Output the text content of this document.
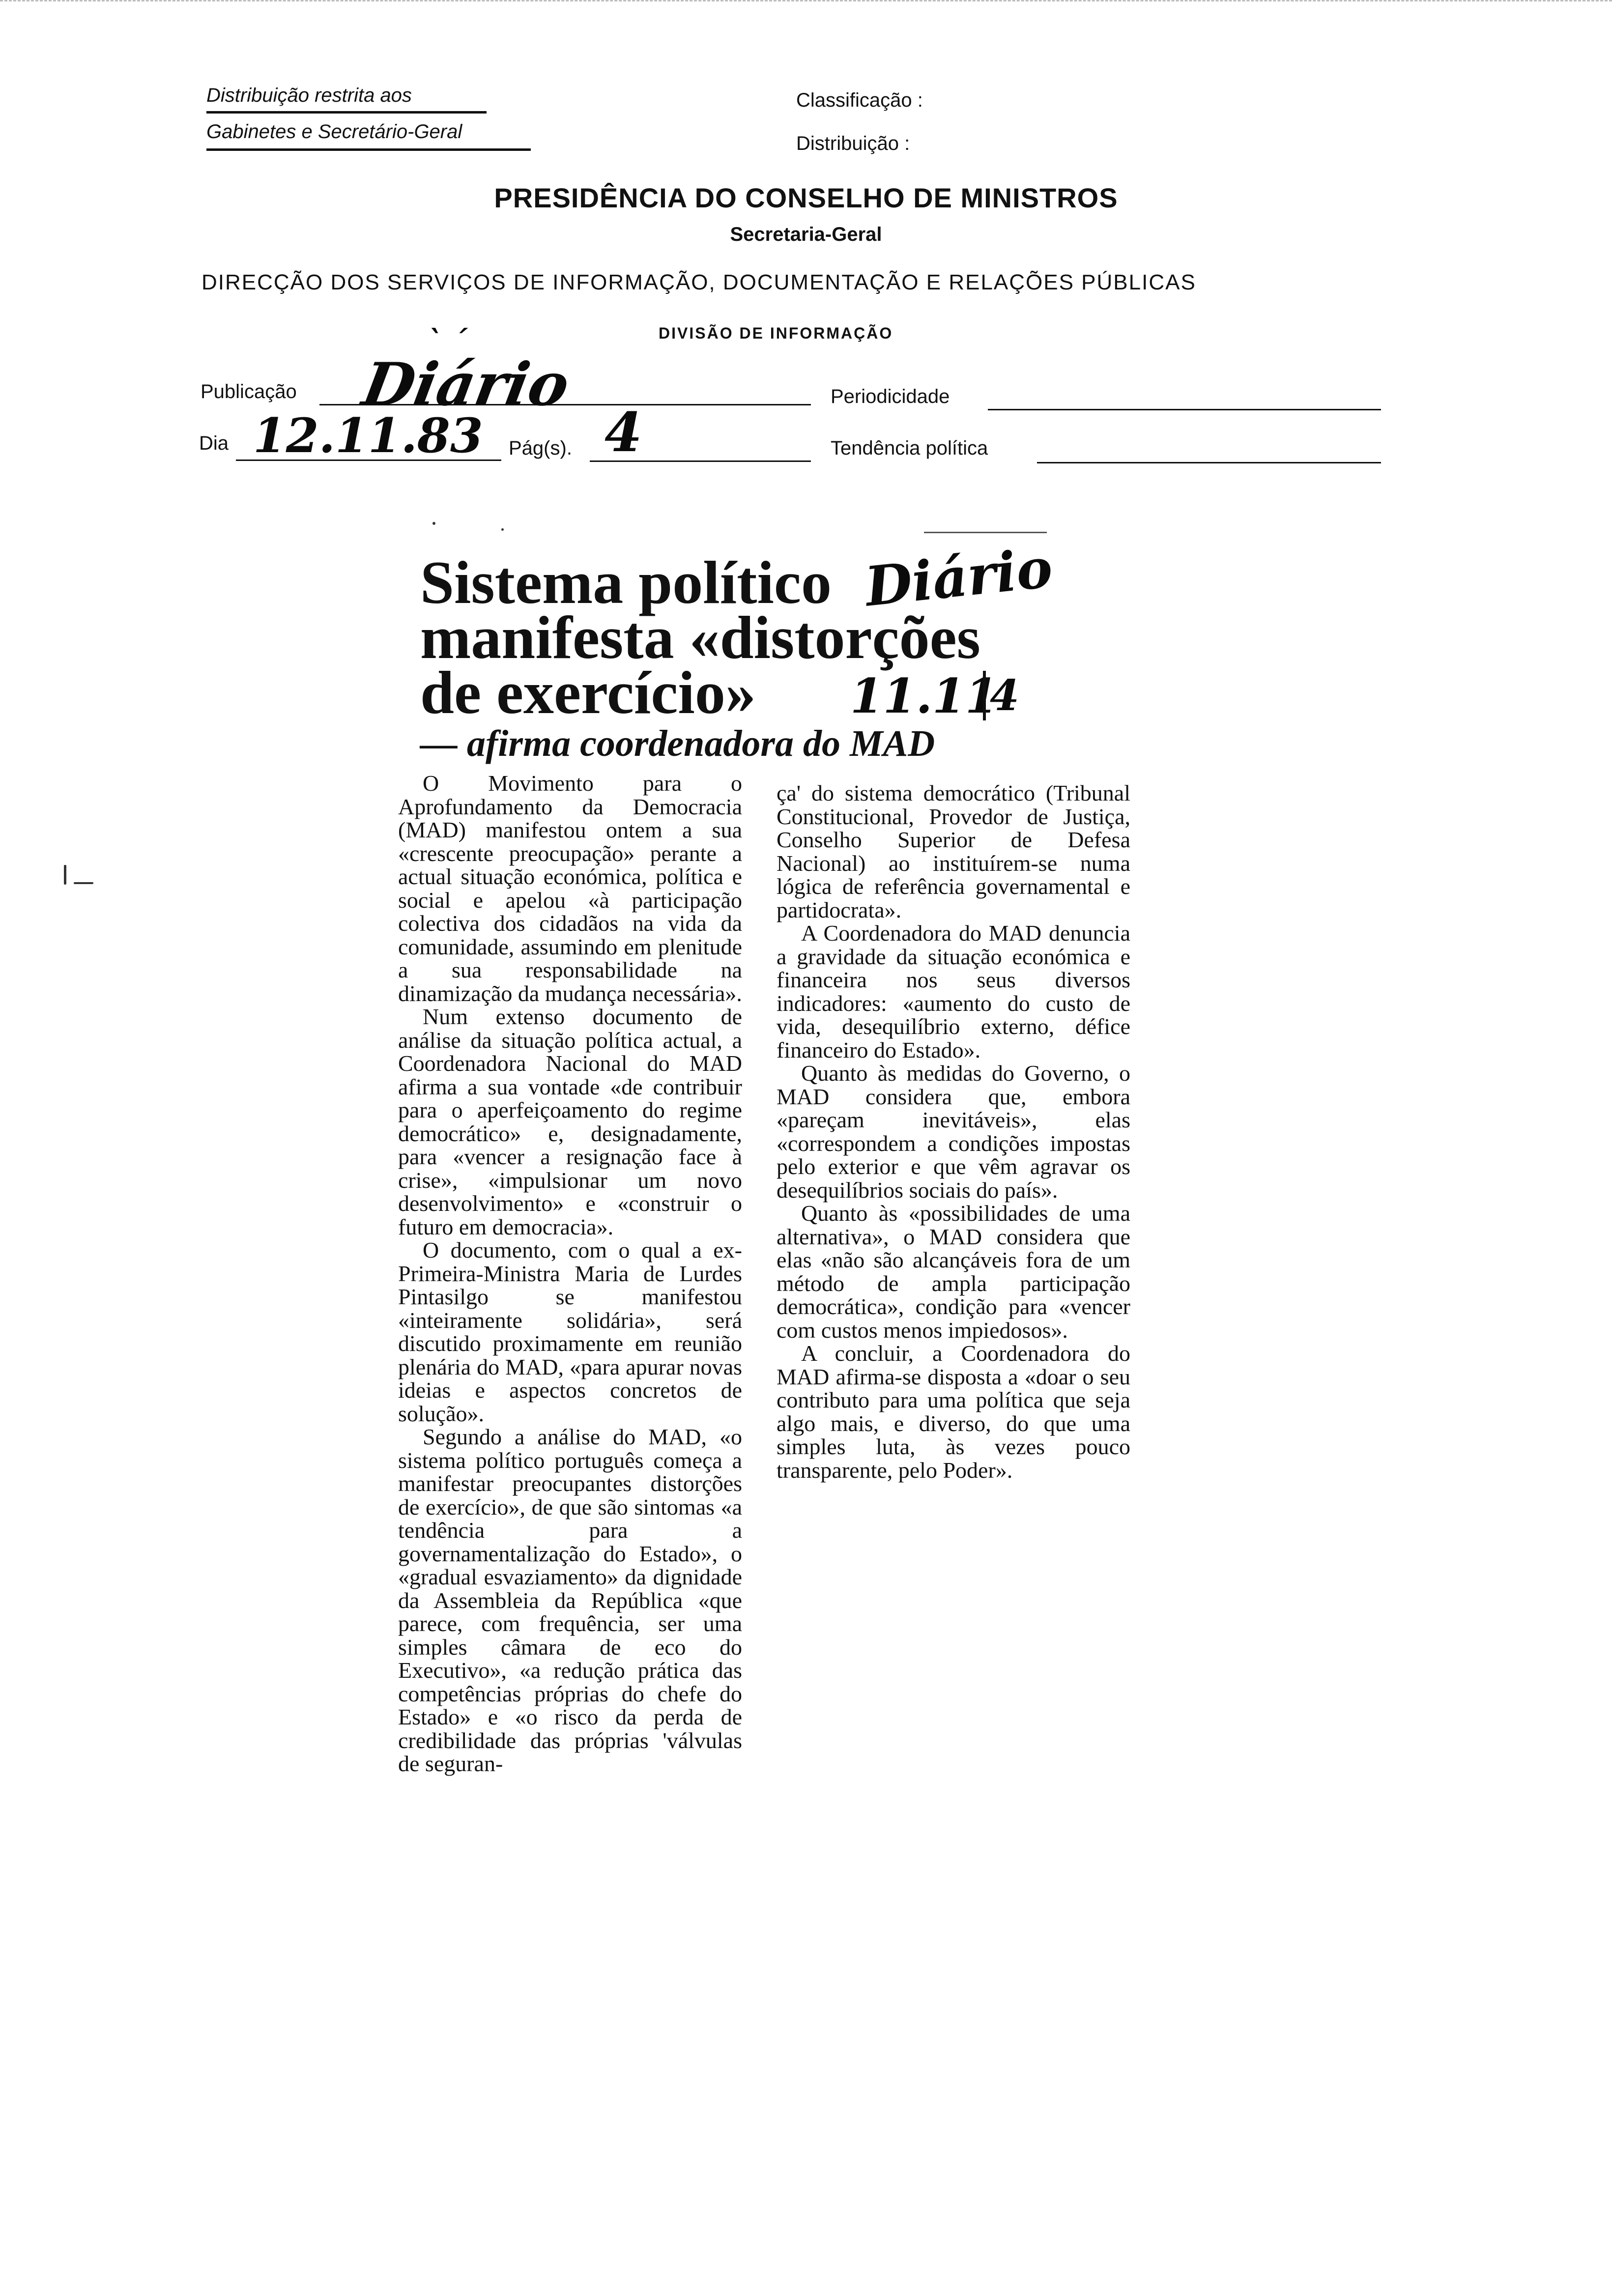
Distribuição restrita aos
Gabinetes e Secretário-Geral
Classificação :
Distribuição :
PRESIDÊNCIA DO CONSELHO DE MINISTROS
Secretaria-Geral
DIRECÇÃO DOS SERVIÇOS DE INFORMAÇÃO, DOCUMENTAÇÃO E RELAÇÕES PÚBLICAS
DIVISÃO DE INFORMAÇÃO
ˋ ˊ
Publicação Diário	Periodicidade
Dia 12.11.83 Pág(s). 4	Tendência política
Sistema político
manifesta «distorções
de exercício»
— afirma coordenadora do MAD
Diário
11.11
4

O Movimento para o Aprofundamento da Democracia (MAD) manifestou ontem a sua «crescente preocupação» perante a actual situação económica, política e social e apelou «à participação colectiva dos cidadãos na vida da comunidade, assumindo em plenitude a sua responsabilidade na dinamização da mudança necessária».

Num extenso documento de análise da situação política actual, a Coordenadora Nacional do MAD afirma a sua vontade «de contribuir para o aperfeiçoamento do regime democrático» e, designadamente, para «vencer a resignação face à crise», «impulsionar um novo desenvolvimento» e «construir o futuro em democracia».

O documento, com o qual a ex-Primeira-Ministra Maria de Lurdes Pintasilgo se manifestou «inteiramente solidária», será discutido proximamente em reunião plenária do MAD, «para apurar novas ideias e aspectos concretos de solução».

Segundo a análise do MAD, «o sistema político português começa a manifestar preocupantes distorções de exercício», de que são sintomas «a tendência para a governamentalização do Estado», o «gradual esvaziamento» da dignidade da Assembleia da República «que parece, com frequência, ser uma simples câmara de eco do Executivo», «a redução prática das competências próprias do chefe do Estado» e «o risco da perda de credibilidade das próprias 'válvulas de seguran-

ça' do sistema democrático (Tribunal Constitucional, Provedor de Justiça, Conselho Superior de Defesa Nacional) ao instituírem-se numa lógica de referência governamental e partidocrata».

A Coordenadora do MAD denuncia a gravidade da situação económica e financeira nos seus diversos indicadores: «aumento do custo de vida, desequilíbrio externo, défice financeiro do Estado».

Quanto às medidas do Governo, o MAD considera que, embora «pareçam inevitáveis», elas «correspondem a condições impostas pelo exterior e que vêm agravar os desequilíbrios sociais do país».

Quanto às «possibilidades de uma alternativa», o MAD considera que elas «não são alcançáveis fora de um método de ampla participação democrática», condição para «vencer com custos menos impiedosos».

A concluir, a Coordenadora do MAD afirma-se disposta a «doar o seu contributo para uma política que seja algo mais, e diverso, do que uma simples luta, às vezes pouco transparente, pelo Poder».
